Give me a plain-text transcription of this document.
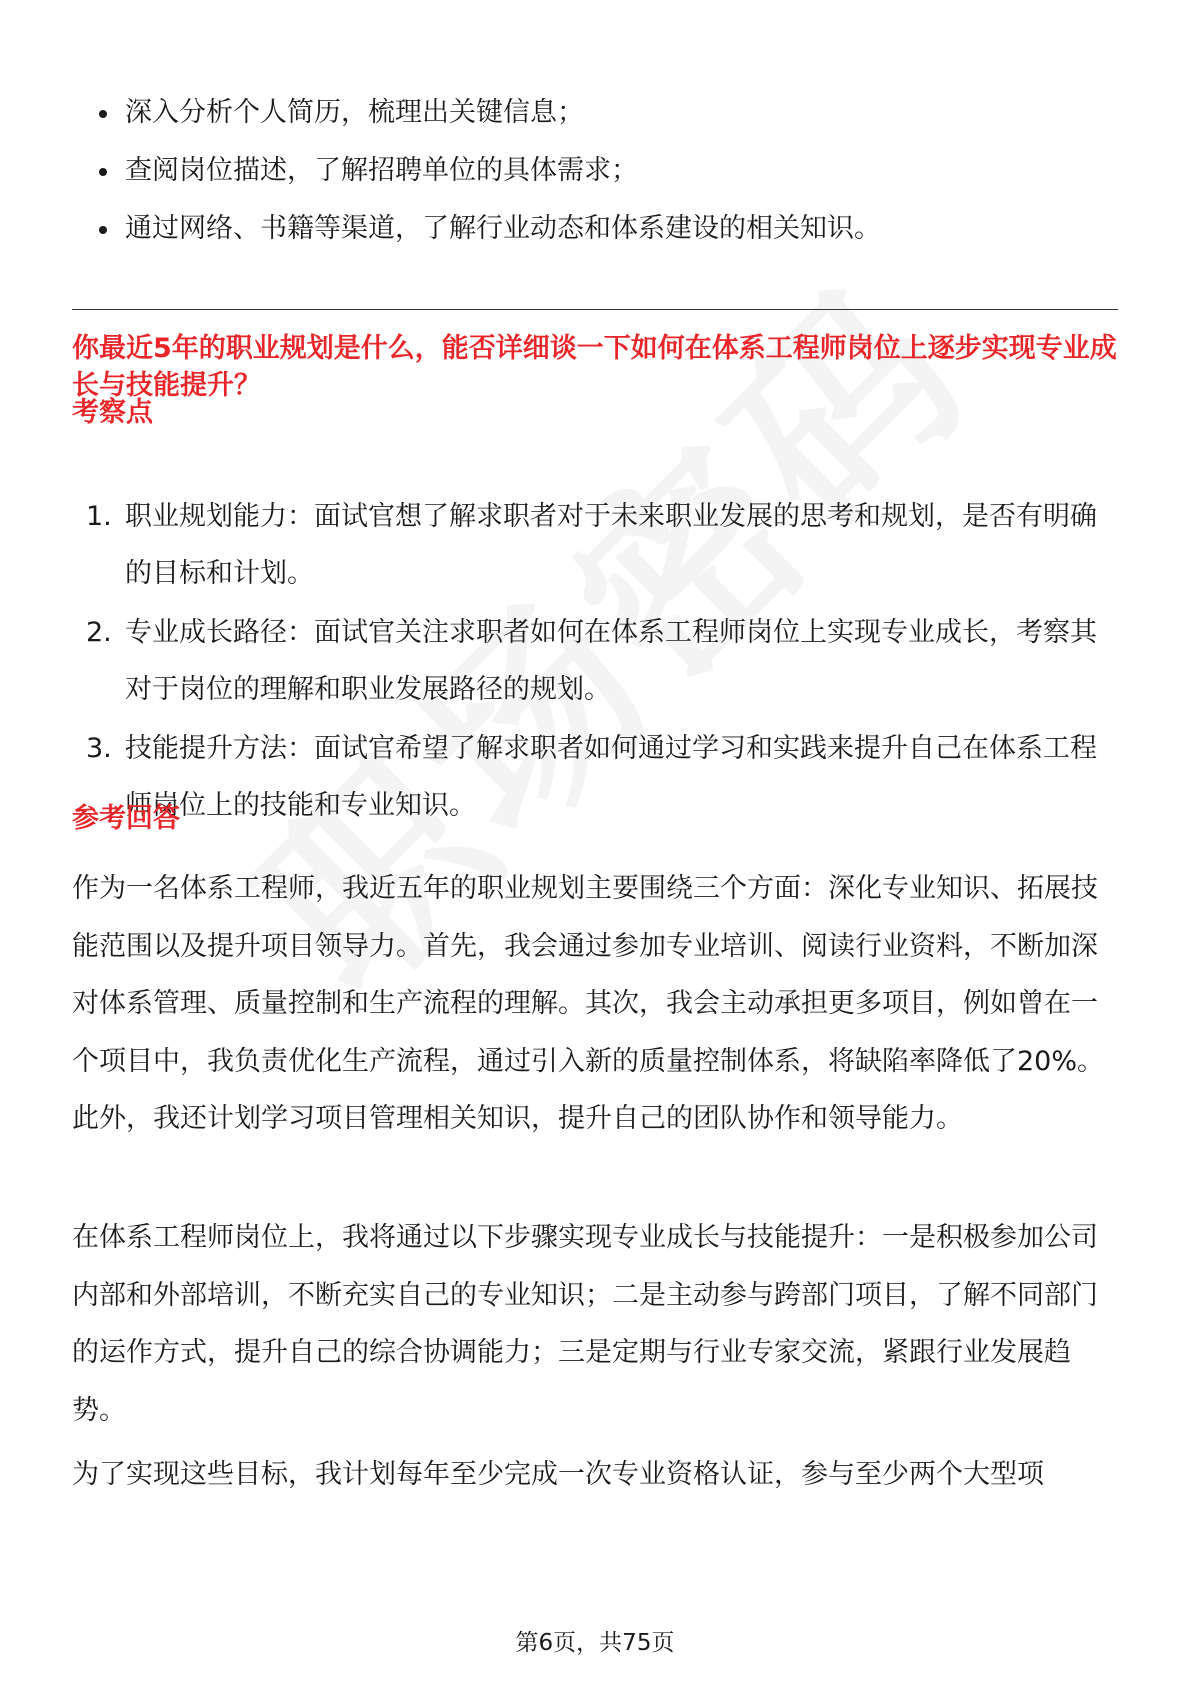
深入分析个人简历，梳理出关键信息；
查阅岗位描述，了解招聘单位的具体需求；
通过网络、书籍等渠道，了解行业动态和体系建设的相关知识。
你最近5年的职业规划是什么，能否详细谈一下如何在体系工程师岗位上逐步实现专业成长与技能提升？
考察点
1. 职业规划能力：面试官想了解求职者对于未来职业发展的思考和规划，是否有明确的目标和计划。
2. 专业成长路径：面试官关注求职者如何在体系工程师岗位上实现专业成长，考察其对于岗位的理解和职业发展路径的规划。
3. 技能提升方法：面试官希望了解求职者如何通过学习和实践来提升自己在体系工程师岗位上的技能和专业知识。
参考回答

作为一名体系工程师，我近五年的职业规划主要围绕三个方面：深化专业知识、拓展技能范围以及提升项目领导力。首先，我会通过参加专业培训、阅读行业资料，不断加深对体系管理、质量控制和生产流程的理解。其次，我会主动承担更多项目，例如曾在一个项目中，我负责优化生产流程，通过引入新的质量控制体系，将缺陷率降低了20%。此外，我还计划学习项目管理相关知识，提升自己的团队协作和领导能力。

在体系工程师岗位上，我将通过以下步骤实现专业成长与技能提升：一是积极参加公司内部和外部培训，不断充实自己的专业知识；二是主动参与跨部门项目，了解不同部门的运作方式，提升自己的综合协调能力；三是定期与行业专家交流，紧跟行业发展趋势。

为了实现这些目标，我计划每年至少完成一次专业资格认证，参与至少两个大型项

第6页，共75页
